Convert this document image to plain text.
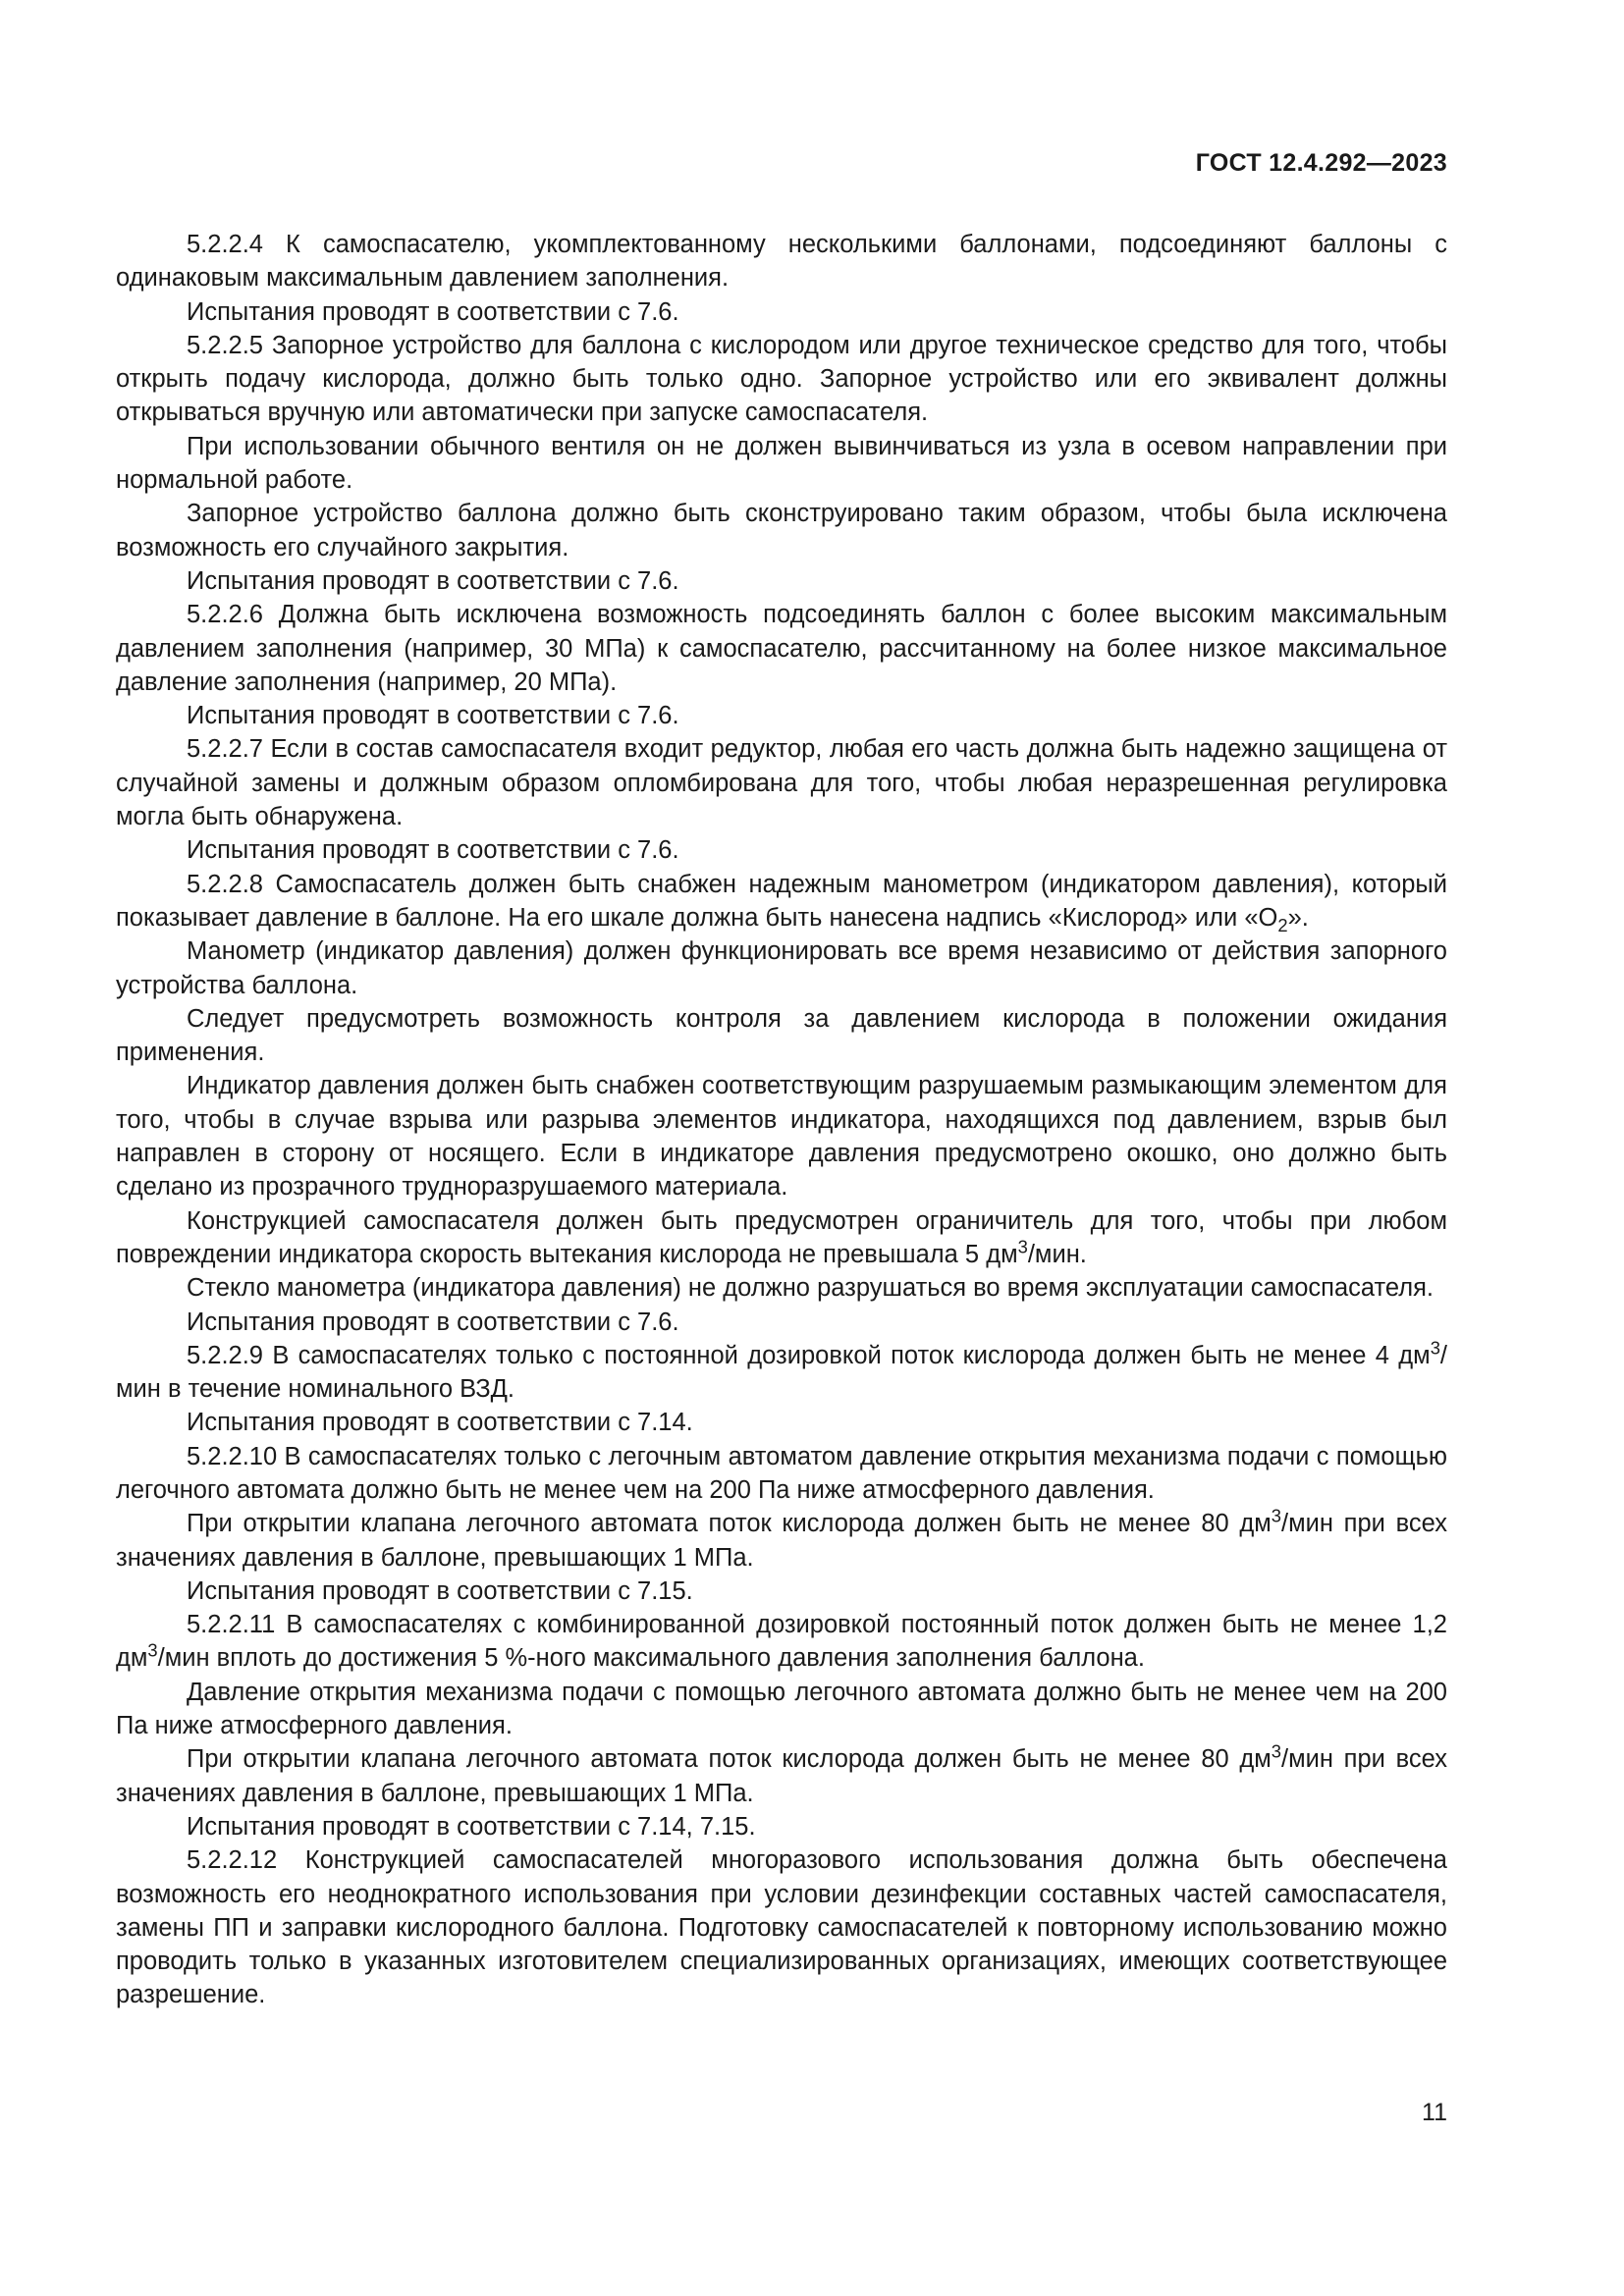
ГОСТ 12.4.292—2023

5.2.2.4 К самоспасателю, укомплектованному несколькими баллонами, подсоединяют баллоны с одинаковым максимальным давлением заполнения.

Испытания проводят в соответствии с 7.6.

5.2.2.5 Запорное устройство для баллона с кислородом или другое техническое средство для того, чтобы открыть подачу кислорода, должно быть только одно. Запорное устройство или его эквивалент должны открываться вручную или автоматически при запуске самоспасателя.

При использовании обычного вентиля он не должен вывинчиваться из узла в осевом направлении при нормальной работе.

Запорное устройство баллона должно быть сконструировано таким образом, чтобы была исключена возможность его случайного закрытия.

Испытания проводят в соответствии с 7.6.

5.2.2.6 Должна быть исключена возможность подсоединять баллон с более высоким максимальным давлением заполнения (например, 30 МПа) к самоспасателю, рассчитанному на более низкое максимальное давление заполнения (например, 20 МПа).

Испытания проводят в соответствии с 7.6.

5.2.2.7 Если в состав самоспасателя входит редуктор, любая его часть должна быть надежно защищена от случайной замены и должным образом опломбирована для того, чтобы любая неразрешенная регулировка могла быть обнаружена.

Испытания проводят в соответствии с 7.6.

5.2.2.8 Самоспасатель должен быть снабжен надежным манометром (индикатором давления), который показывает давление в баллоне. На его шкале должна быть нанесена надпись «Кислород» или «$О_2$».

Манометр (индикатор давления) должен функционировать все время независимо от действия запорного устройства баллона.

Следует предусмотреть возможность контроля за давлением кислорода в положении ожидания применения.

Индикатор давления должен быть снабжен соответствующим разрушаемым размыкающим элементом для того, чтобы в случае взрыва или разрыва элементов индикатора, находящихся под давлением, взрыв был направлен в сторону от носящего. Если в индикаторе давления предусмотрено окошко, оно должно быть сделано из прозрачного трудноразрушаемого материала.

Конструкцией самоспасателя должен быть предусмотрен ограничитель для того, чтобы при любом повреждении индикатора скорость вытекания кислорода не превышала 5 $дм^3$/мин.

Стекло манометра (индикатора давления) не должно разрушаться во время эксплуатации самоспасателя.

Испытания проводят в соответствии с 7.6.

5.2.2.9 В самоспасателях только с постоянной дозировкой поток кислорода должен быть не менее 4 $дм^3$/мин в течение номинального ВЗД.

Испытания проводят в соответствии с 7.14.

5.2.2.10 В самоспасателях только с легочным автоматом давление открытия механизма подачи с помощью легочного автомата должно быть не менее чем на 200 Па ниже атмосферного давления.

При открытии клапана легочного автомата поток кислорода должен быть не менее 80 $дм^3$/мин при всех значениях давления в баллоне, превышающих 1 МПа.

Испытания проводят в соответствии с 7.15.

5.2.2.11 В самоспасателях с комбинированной дозировкой постоянный поток должен быть не менее 1,2 $дм^3$/мин вплоть до достижения 5 %-ного максимального давления заполнения баллона.

Давление открытия механизма подачи с помощью легочного автомата должно быть не менее чем на 200 Па ниже атмосферного давления.

При открытии клапана легочного автомата поток кислорода должен быть не менее 80 $дм^3$/мин при всех значениях давления в баллоне, превышающих 1 МПа.

Испытания проводят в соответствии с 7.14, 7.15.

5.2.2.12 Конструкцией самоспасателей многоразового использования должна быть обеспечена возможность его неоднократного использования при условии дезинфекции составных частей самоспасателя, замены ПП и заправки кислородного баллона. Подготовку самоспасателей к повторному использованию можно проводить только в указанных изготовителем специализированных организациях, имеющих соответствующее разрешение.

11
